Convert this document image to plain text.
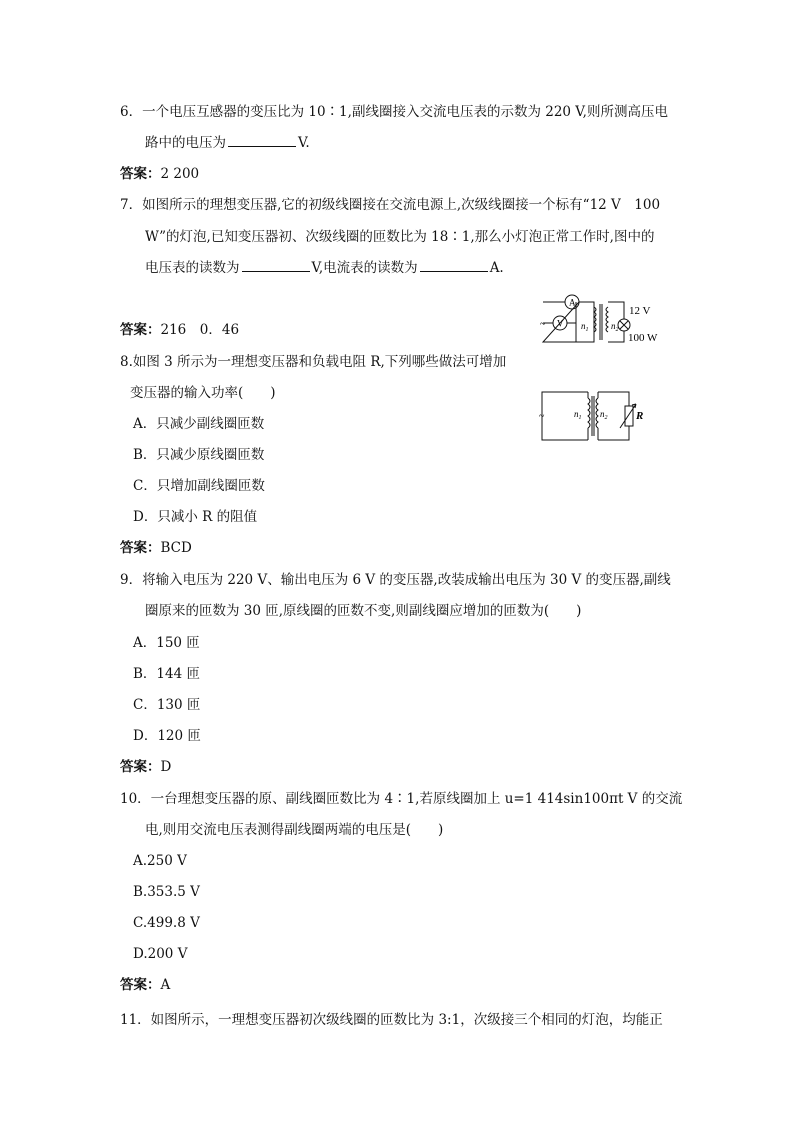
6．一个电压互感器的变压比为 10∶1,副线圈接入交流电压表的示数为 220 V,则所测高压电
路中的电压为	V.
答案：2 200
7．如图所示的理想变压器,它的初级线圈接在交流电源上,次级线圈接一个标有“12 V　100
W”的灯泡,已知变压器初、次级线圈的匝数比为 18∶1,那么小灯泡正常工作时,图中的
电压表的读数为	V,电流表的读数为	A.
答案：216　0．46	~
A
V $n_1$	$n_2$
12 V
100 W
8.如图 3 所示为一理想变压器和负载电阻 R,下列哪些做法可增加
变压器的输入功率(　　)
A．只减少副线圈匝数
B．只减少原线圈匝数
C．只增加副线圈匝数
D．只减小 R 的阻值
~	$n_1$ $n_2$	R
答案：BCD
9．将输入电压为 220 V、输出电压为 6 V 的变压器,改装成输出电压为 30 V 的变压器,副线
圈原来的匝数为 30 匝,原线圈的匝数不变,则副线圈应增加的匝数为(　　)
A．150 匝
B．144 匝
C．130 匝
D．120 匝
答案：D
10．一台理想变压器的原、副线圈匝数比为 4∶1,若原线圈加上 u=1 414sin100πt V 的交流
电,则用交流电压表测得副线圈两端的电压是(　　)
A.250 V
B.353.5 V
C.499.8 V
D.200 V
答案：A
11．如图所示，一理想变压器初次级线圈的匝数比为 3:1，次级接三个相同的灯泡，均能正
